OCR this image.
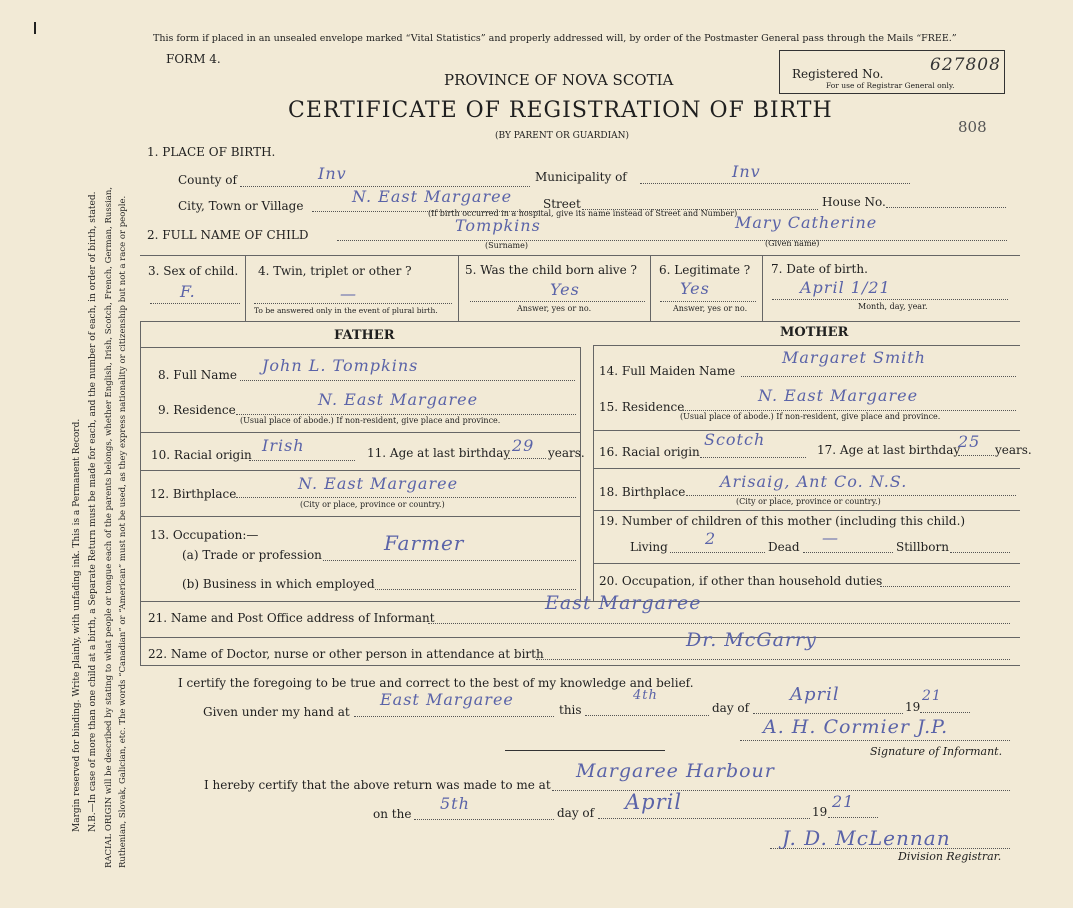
Margin reserved for binding. Write plainly, with unfading ink. This is a Permanent Record. N.B.—In case of more than one child at a birth, a Separate Return must be made for each, and the number of each, in order of birth, stated. RACIAL ORIGIN will be described by stating to what people or tongue each of the parents belongs, whether English, Irish, Scotch, French, German, Russian, Ruthenian, Slovak, Galician, etc. The words “Canadian” or “American” must not be used, as they express nationality or citizenship but not a race or people.
This form if placed in an unsealed envelope marked “Vital Statistics” and properly addressed will, by order of the Postmaster General pass through the Mails “FREE.”
FORM 4.
PROVINCE OF NOVA SCOTIA
CERTIFICATE OF REGISTRATION OF BIRTH
(BY PARENT OR GUARDIAN)
Registered No.	627808
For use of Registrar General only.
808
1. PLACE OF BIRTH.
County of	Inv	Municipality of	Inv
City, Town or Village	N. East Margaree	Street	House No.
(If birth occurred in a hospital, give its name instead of Street and Number)
2. FULL NAME OF CHILD	Tompkins	Mary Catherine
(Surname)	(Given name)
3. Sex of child.
F.
4. Twin, triplet or other ?
—
To be answered only in the event of plural birth.
5. Was the child born alive ?
Yes
Answer, yes or no.
6. Legitimate ?
Yes
Answer, yes or no.
7. Date of birth.
April 1/21
Month, day, year.
FATHER	MOTHER
8. Full Name John L. Tompkins
9. Residence
N. East Margaree
(Usual place of abode.) If non-resident, give place and province.
10. Racial origin Irish	11. Age at last birthday 29 years.
12. Birthplace
N. East Margaree
(City or place, province or country.)
13. Occupation:—
(a) Trade or profession	Farmer
(b) Business in which employed
14. Full Maiden Name
Margaret Smith
15. Residence
N. East Margaree
(Usual place of abode.) If non-resident, give place and province.
16. Racial origin
Scotch
17. Age at last birthday
25 years.
18. Birthplace
Arisaig, Ant Co. N.S.
(City or place, province or country.)
19. Number of children of this mother (including this child.)
Living 2	Dead —	Stillborn
20. Occupation, if other than household duties
21. Name and Post Office address of Informant
East Margaree
22. Name of Doctor, nurse or other person in attendance at birth
Dr. McGarry
I certify the foregoing to be true and correct to the best of my knowledge and belief.
Given under my hand at
East Margaree
this
4th
day of
April
19
21
A. H. Cormier J.P.
Signature of Informant.
I hereby certify that the above return was made to me at
Margaree Harbour
on the
5th	day of April	19
21
J. D. McLennan
Division Registrar.
